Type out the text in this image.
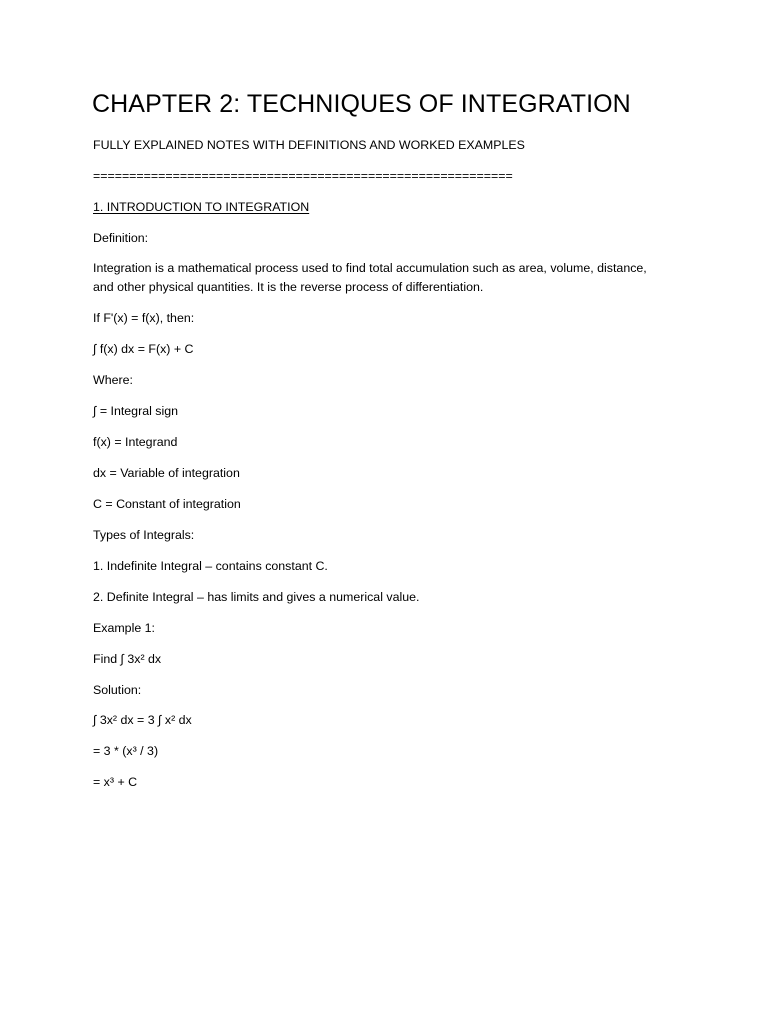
CHAPTER 2: TECHNIQUES OF INTEGRATION
FULLY EXPLAINED NOTES WITH DEFINITIONS AND WORKED EXAMPLES
==========================================================
1. INTRODUCTION TO INTEGRATION
Definition:
Integration is a mathematical process used to find total accumulation such as area, volume, distance,
and other physical quantities. It is the reverse process of differentiation.
If F'(x) = f(x), then:
∫ f(x) dx = F(x) + C
Where:
∫ = Integral sign
f(x) = Integrand
dx = Variable of integration
C = Constant of integration
Types of Integrals:
1. Indefinite Integral – contains constant C.
2. Definite Integral – has limits and gives a numerical value.
Example 1:
Find ∫ 3x² dx
Solution:
∫ 3x² dx = 3 ∫ x² dx
= 3 * (x³ / 3)
= x³ + C
